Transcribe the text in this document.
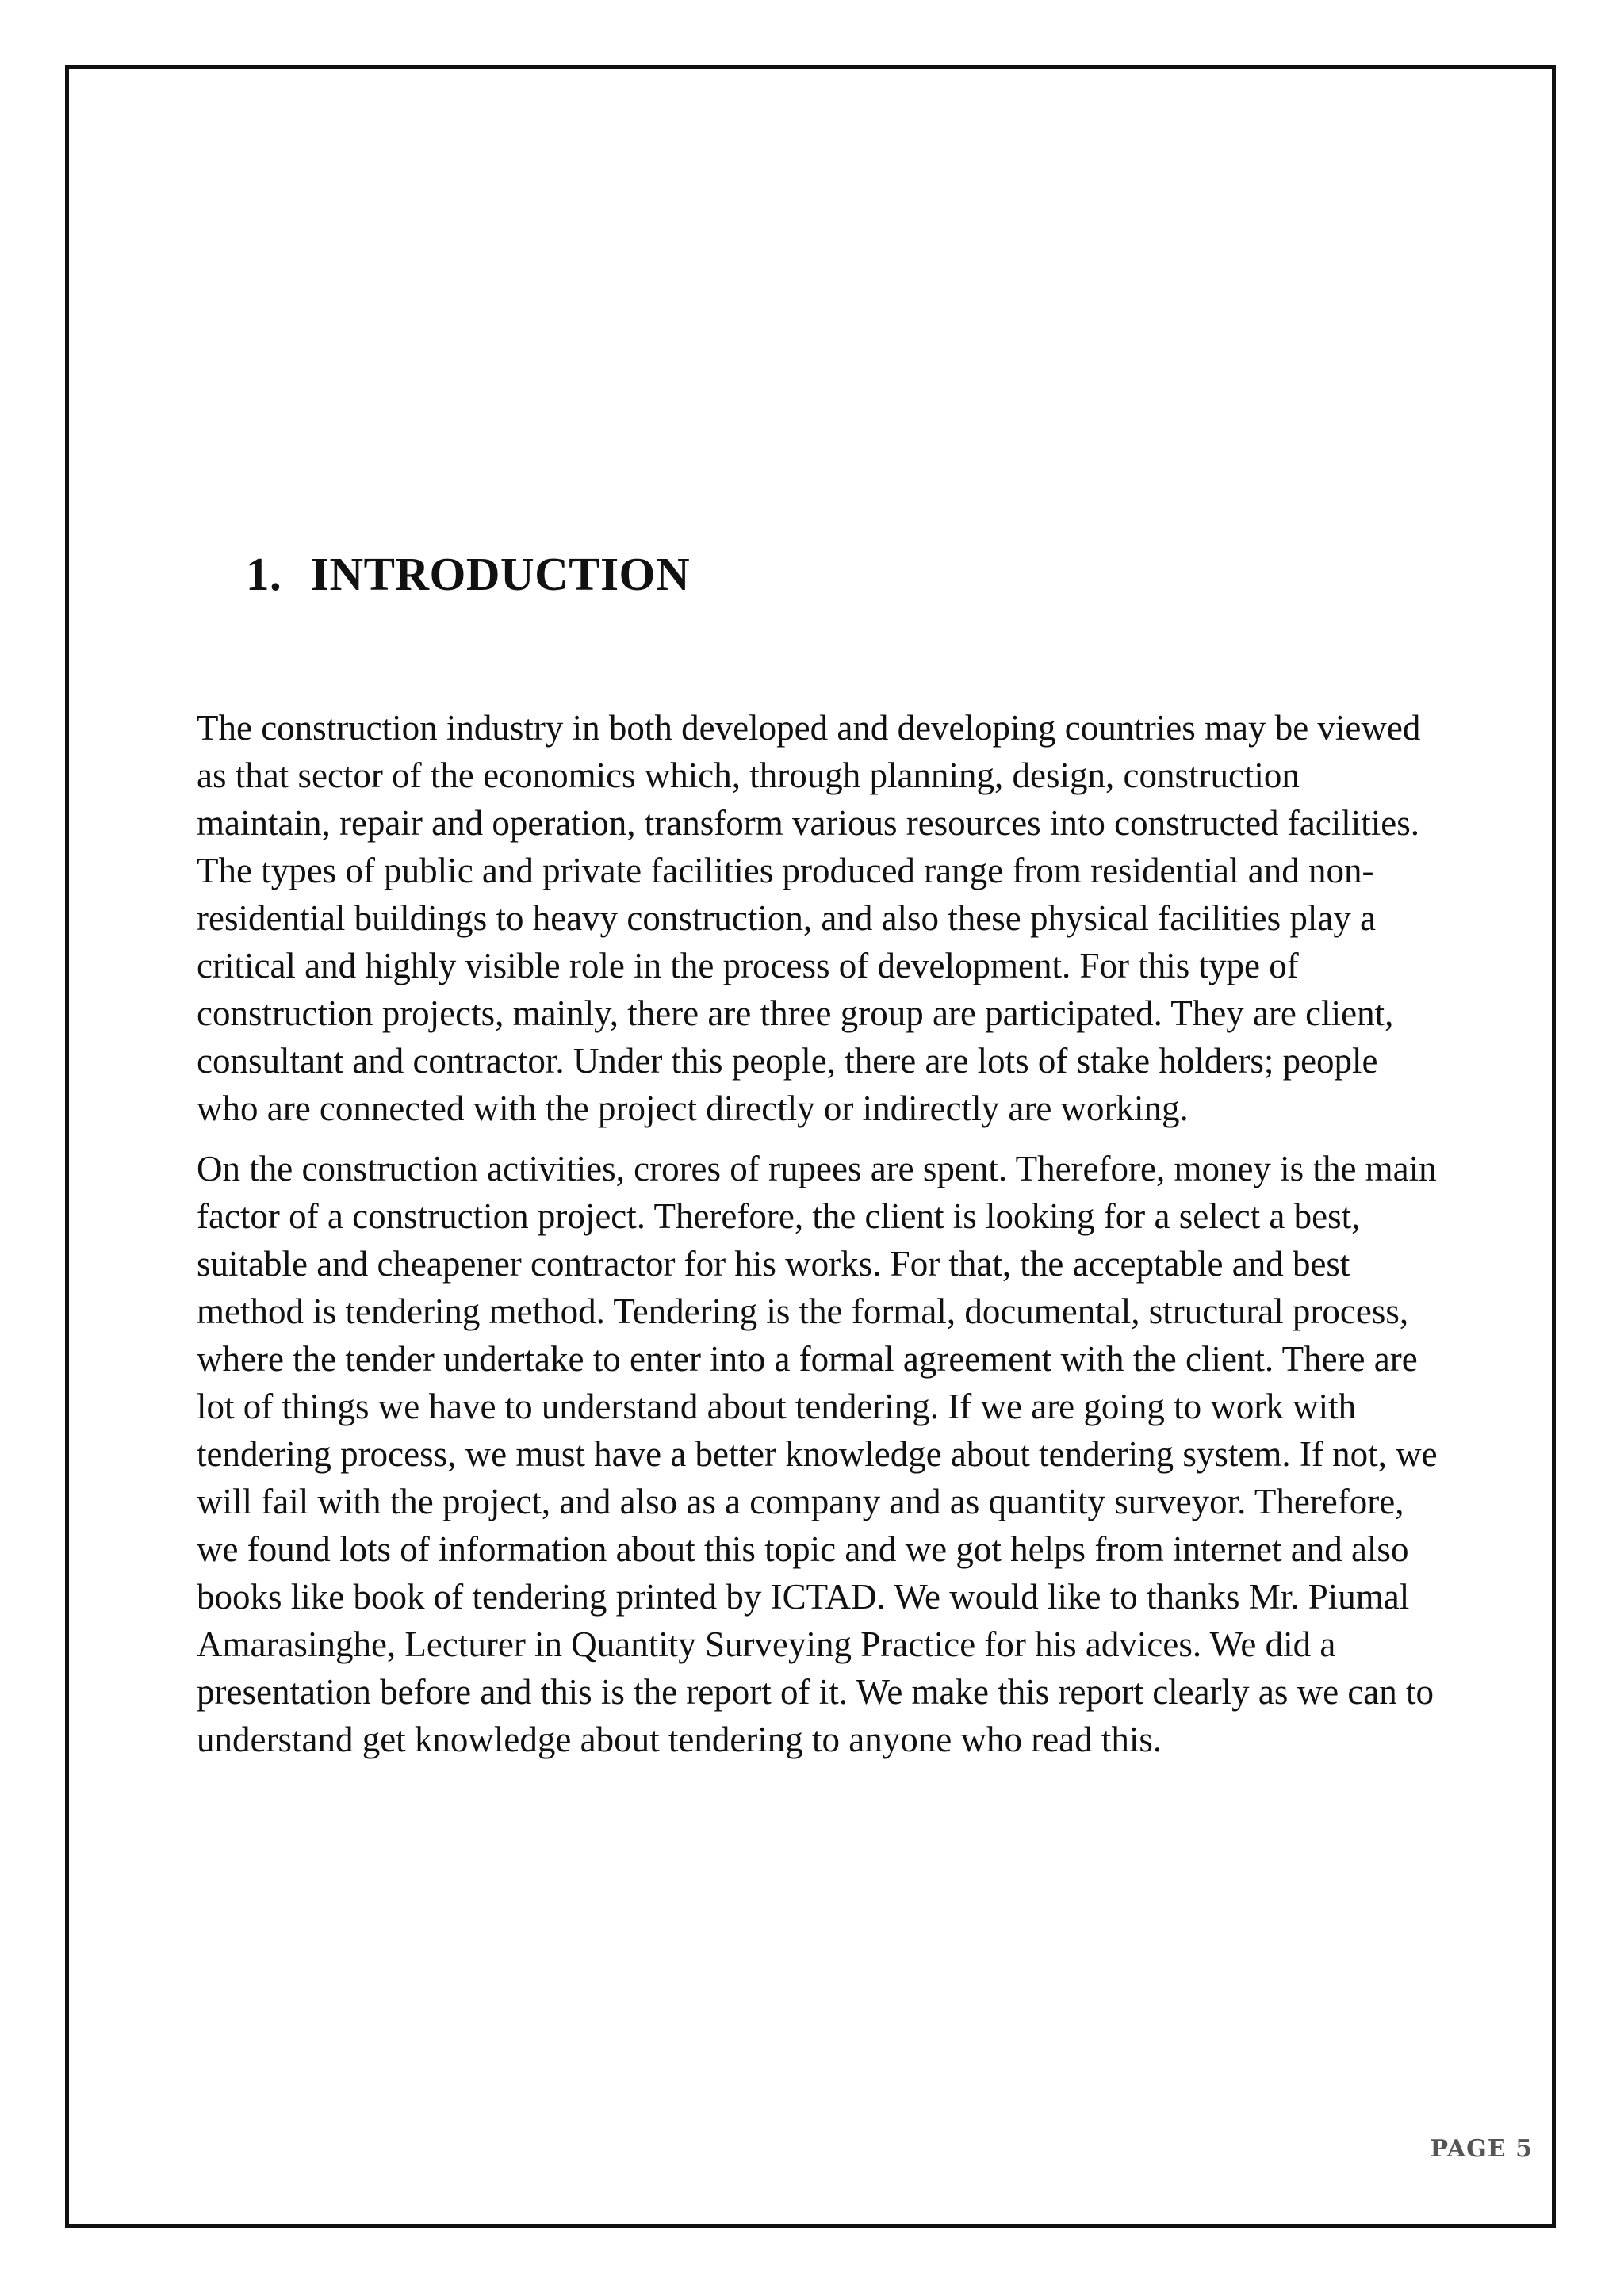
1. INTRODUCTION

The construction industry in both developed and developing countries may be viewed
as that sector of the economics which, through planning, design, construction
maintain, repair and operation, transform various resources into constructed facilities.
The types of public and private facilities produced range from residential and non-
residential buildings to heavy construction, and also these physical facilities play a
critical and highly visible role in the process of development. For this type of
construction projects, mainly, there are three group are participated. They are client,
consultant and contractor. Under this people, there are lots of stake holders; people
who are connected with the project directly or indirectly are working.

On the construction activities, crores of rupees are spent. Therefore, money is the main
factor of a construction project. Therefore, the client is looking for a select a best,
suitable and cheapener contractor for his works. For that, the acceptable and best
method is tendering method. Tendering is the formal, documental, structural process,
where the tender undertake to enter into a formal agreement with the client. There are
lot of things we have to understand about tendering. If we are going to work with
tendering process, we must have a better knowledge about tendering system. If not, we
will fail with the project, and also as a company and as quantity surveyor. Therefore,
we found lots of information about this topic and we got helps from internet and also
books like book of tendering printed by ICTAD. We would like to thanks Mr. Piumal
Amarasinghe, Lecturer in Quantity Surveying Practice for his advices. We did a
presentation before and this is the report of it. We make this report clearly as we can to
understand get knowledge about tendering to anyone who read this.

PAGE 5
